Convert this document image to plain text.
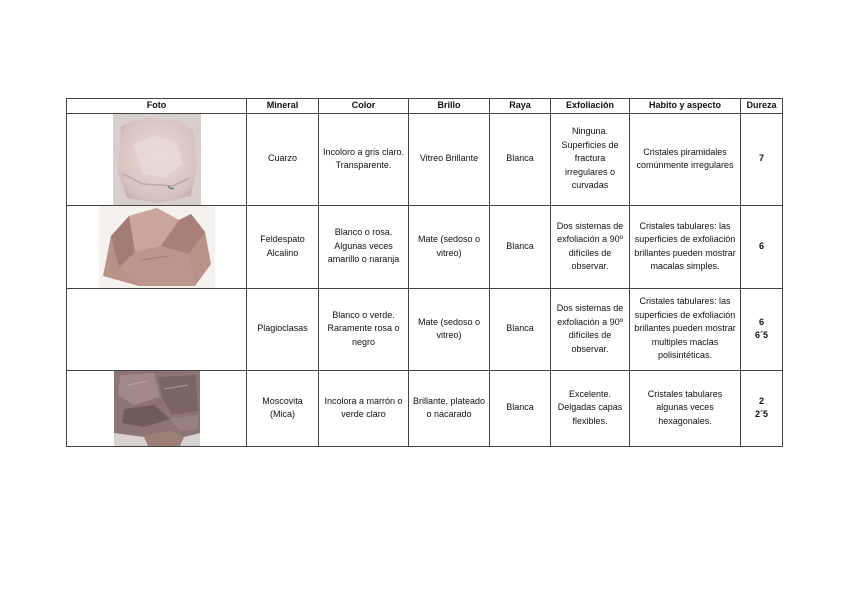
Foto	Mineral	Color	Brillo	Raya	Exfoliación	Habito y aspecto	Dureza

	Cuarzo	Incoloro a gris claro. Transparente.	Vitreo Brillante	Blanca	Ninguna. Superficies de fractura irregulares o curvadas	Cristales piramidales comúnmente irregulares	7

	Feldespato Alcalino	Blanco o rosa. Algunas veces amarillo o naranja	Mate (sedoso o vitreo)	Blanca	Dos sistemas de exfoliación a 90º difíciles de observar.	Cristales tabulares: las superficies de exfoliación brillantes pueden mostrar macalas simples.	6
	Plagioclasas	Blanco o verde. Raramente rosa o negro	Mate (sedoso o vitreo)	Blanca	Dos sistemas de exfoliación a 90º difíciles de observar.	Cristales tabulares: las superficies de exfoliación brillantes pueden mostrar multiples maclas polisintéticas.	6
6´5

	Moscovita (Mica)	Incolora a marrón o verde claro	Brillante, plateado o nacarado	Blanca	Excelente. Delgadas capas flexibles.	Cristales tabulares algunas veces hexagonales.	2
2´5
